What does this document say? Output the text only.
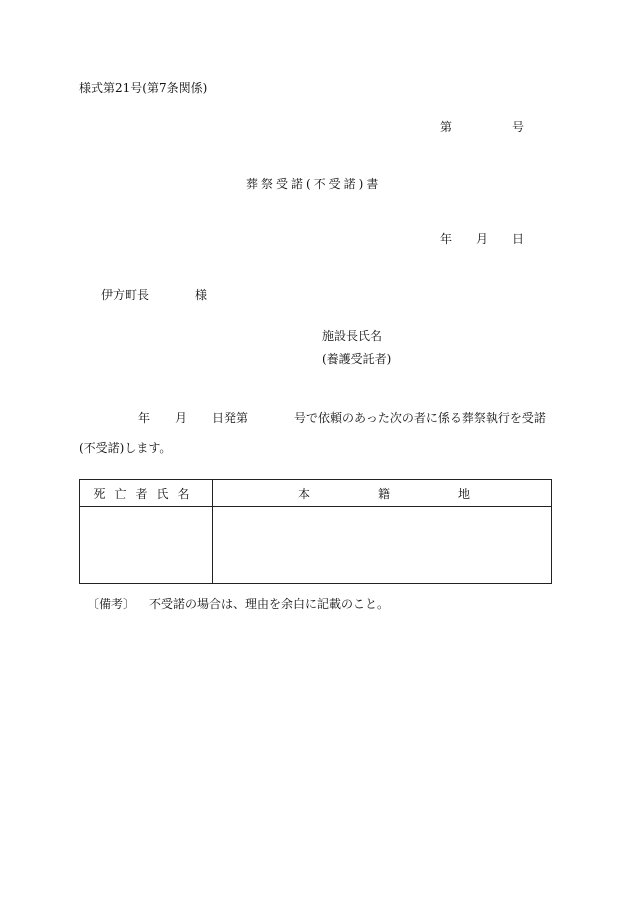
様式第21号(第7条関係)
第	号
葬祭受諾(不受諾)書
年 月 日
伊方町長	様
施設長氏名
(養護受託者)
年 月 日発第	号で依頼のあった次の者に係る葬祭執行を受諾
(不受諾)します。
死亡者氏名	本 籍 地

〔備考〕 不受諾の場合は、理由を余白に記載のこと。
